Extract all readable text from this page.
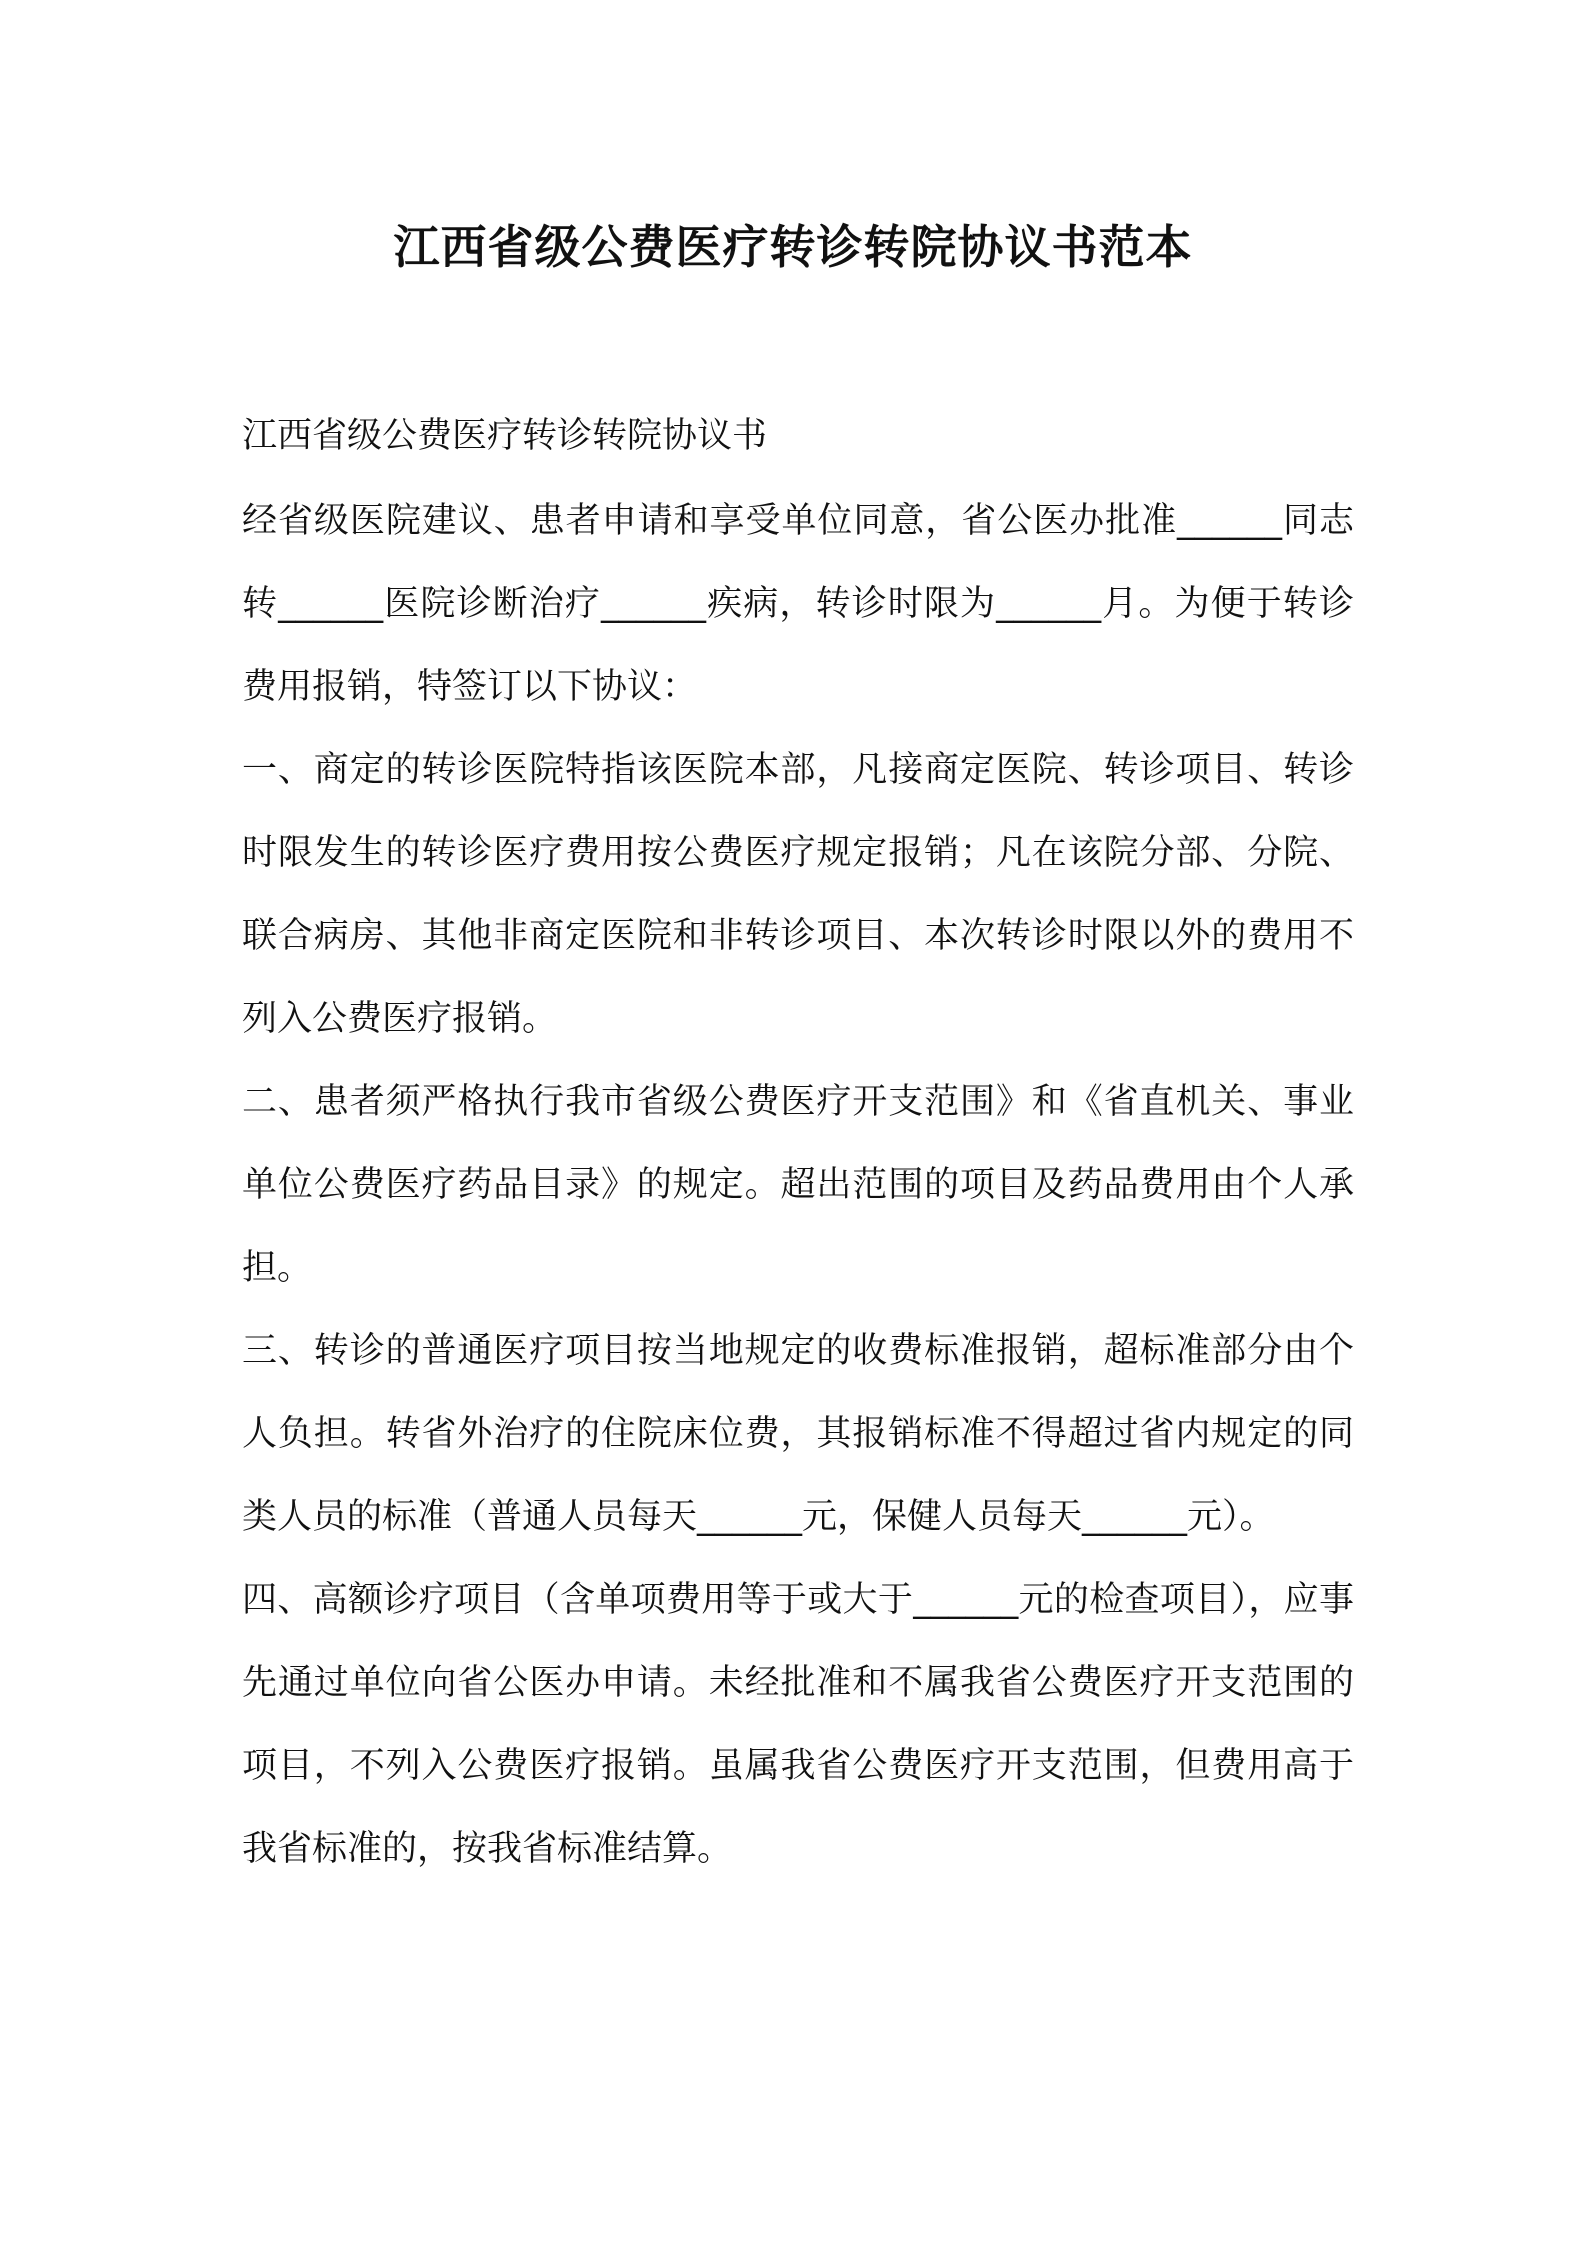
江西省级公费医疗转诊转院协议书范本

江西省级公费医疗转诊转院协议书

经省级医院建议、患者申请和享受单位同意，省公医办批准______同志转______医院诊断治疗______疾病，转诊时限为______月。为便于转诊费用报销，特签订以下协议：

一、商定的转诊医院特指该医院本部，凡接商定医院、转诊项目、转诊时限发生的转诊医疗费用按公费医疗规定报销；凡在该院分部、分院、联合病房、其他非商定医院和非转诊项目、本次转诊时限以外的费用不列入公费医疗报销。

二、患者须严格执行我市省级公费医疗开支范围》和《省直机关、事业单位公费医疗药品目录》的规定。超出范围的项目及药品费用由个人承担。

三、转诊的普通医疗项目按当地规定的收费标准报销，超标准部分由个人负担。转省外治疗的住院床位费，其报销标准不得超过省内规定的同类人员的标准（普通人员每天______元，保健人员每天______元）。

四、高额诊疗项目（含单项费用等于或大于______元的检查项目），应事先通过单位向省公医办申请。未经批准和不属我省公费医疗开支范围的项目，不列入公费医疗报销。虽属我省公费医疗开支范围，但费用高于我省标准的，按我省标准结算。
